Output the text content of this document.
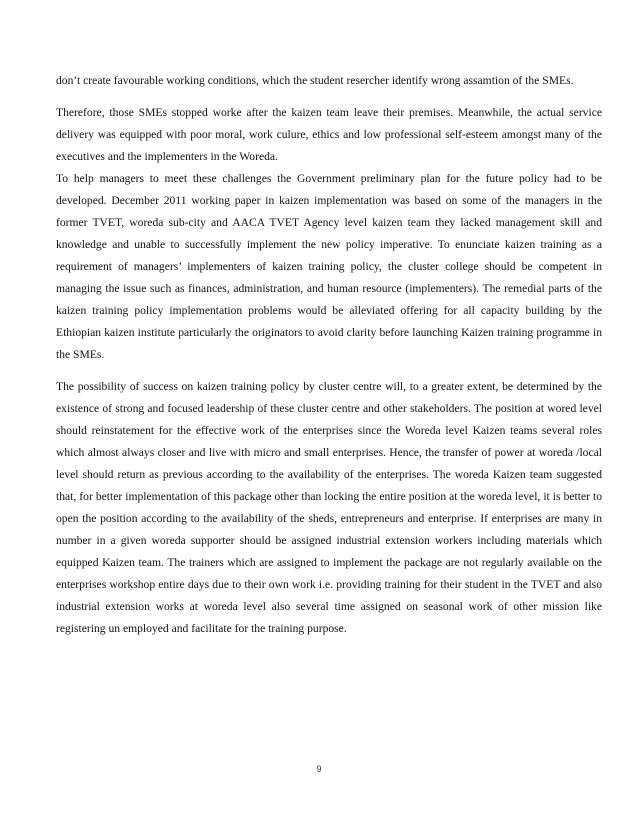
don’t create favourable working conditions, which the student resercher identify wrong assamtion of the SMEs.

Therefore, those SMEs stopped worke after the kaizen team leave their premises. Meanwhile, the actual service delivery was equipped with poor moral, work culure, ethics and low professional self-esteem amongst many of the executives and the implementers in the Woreda.

To help managers to meet these challenges the Government preliminary plan for the future policy had to be developed. December 2011 working paper in kaizen implementation was based on some of the managers in the former TVET, woreda sub-city and AACA TVET Agency level kaizen team they lacked management skill and knowledge and unable to successfully implement the new policy imperative. To enunciate kaizen training as a requirement of managers’ implementers of kaizen training policy, the cluster college should be competent in managing the issue such as finances, administration, and human resource (implementers). The remedial parts of the kaizen training policy implementation problems would be alleviated offering for all capacity building by the Ethiopian kaizen institute particularly the originators to avoid clarity before launching Kaizen training programme in the SMEs.

The possibility of success on kaizen training policy by cluster centre will, to a greater extent, be determined by the existence of strong and focused leadership of these cluster centre and other stakeholders. The position at wored level should reinstatement for the effective work of the enterprises since the Woreda level Kaizen teams several roles which almost always closer and live with micro and small enterprises. Hence, the transfer of power at woreda /local level should return as previous according to the availability of the enterprises. The woreda Kaizen team suggested that, for better implementation of this package other than locking the entire position at the woreda level, it is better to open the position according to the availability of the sheds, entrepreneurs and enterprise. If enterprises are many in number in a given woreda supporter should be assigned industrial extension workers including materials which equipped Kaizen team. The trainers which are assigned to implement the package are not regularly available on the enterprises workshop entire days due to their own work i.e. providing training for their student in the TVET and also industrial extension works at woreda level also several time assigned on seasonal work of other mission like registering un employed and facilitate for the training purpose.

9
